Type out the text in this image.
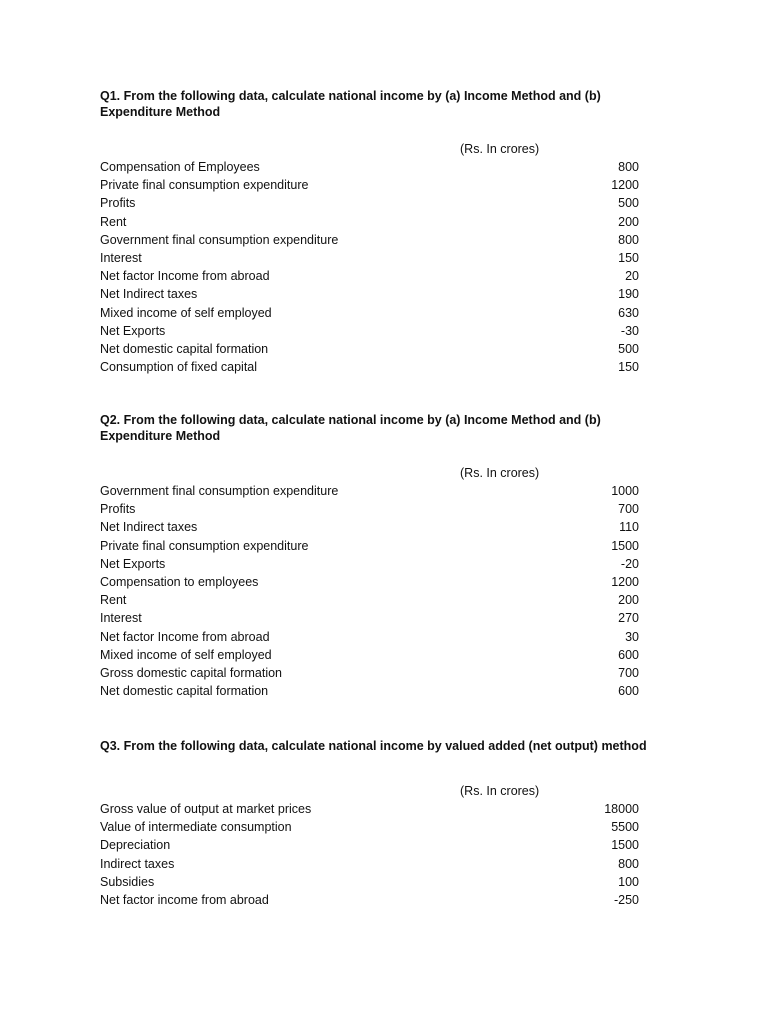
Q1. From the following data, calculate national income by (a) Income Method and (b) Expenditure Method

(Rs. In crores)
Compensation of Employees	800
Private final consumption expenditure	1200
Profits	500
Rent	200
Government final consumption expenditure	800
Interest	150
Net factor Income from abroad	20
Net Indirect taxes	190
Mixed income of self employed	630
Net Exports	-30
Net domestic capital formation	500
Consumption of fixed capital	150

Q2. From the following data, calculate national income by (a) Income Method and (b) Expenditure Method

(Rs. In crores)
Government final consumption expenditure	1000
Profits	700
Net Indirect taxes	110
Private final consumption expenditure	1500
Net Exports	-20
Compensation to employees	1200
Rent	200
Interest	270
Net factor Income from abroad	30
Mixed income of self employed	600
Gross domestic capital formation	700
Net domestic capital formation	600

Q3. From the following data, calculate national income by valued added (net output) method

(Rs. In crores)
Gross value of output at market prices	18000
Value of intermediate consumption	5500
Depreciation	1500
Indirect taxes	800
Subsidies	100
Net factor income from abroad	-250
